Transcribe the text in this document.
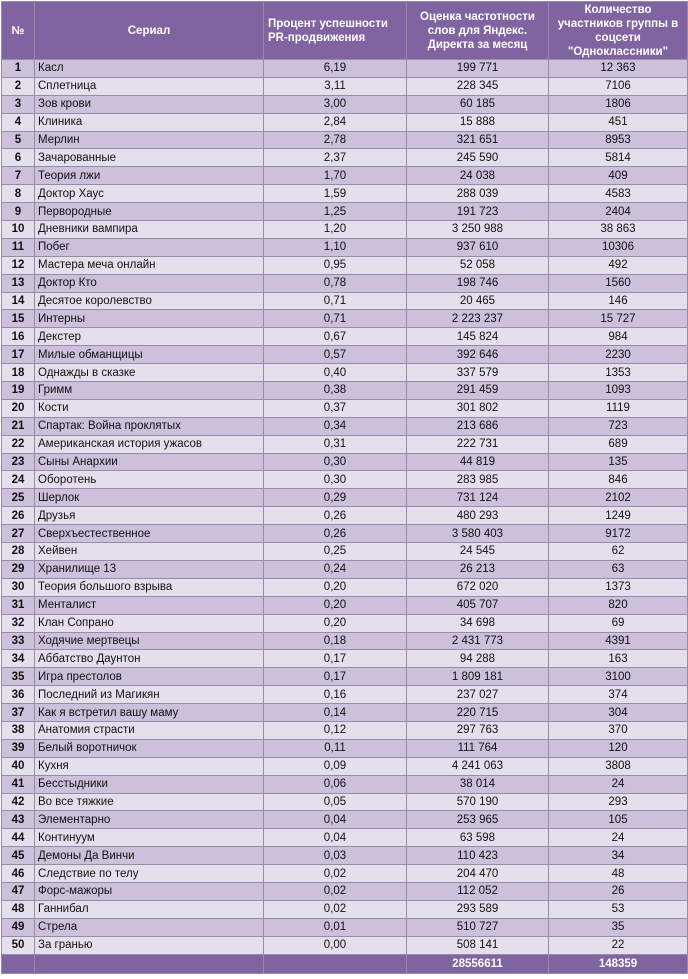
№	Сериал	Процент успешности PR-продвижения	Оценка частотности слов для Яндекс. Директа за месяц	Количество участников группы в соцсети "Одноклассники"
1	Касл	6,19	199 771	12 363
2	Сплетница	3,11	228 345	7106
3	Зов крови	3,00	60 185	1806
4	Клиника	2,84	15 888	451
5	Мерлин	2,78	321 651	8953
6	Зачарованные	2,37	245 590	5814
7	Теория лжи	1,70	24 038	409
8	Доктор Хаус	1,59	288 039	4583
9	Первородные	1,25	191 723	2404
10	Дневники вампира	1,20	3 250 988	38 863
11	Побег	1,10	937 610	10306
12	Мастера меча онлайн	0,95	52 058	492
13	Доктор Кто	0,78	198 746	1560
14	Десятое королевство	0,71	20 465	146
15	Интерны	0,71	2 223 237	15 727
16	Декстер	0,67	145 824	984
17	Милые обманщицы	0,57	392 646	2230
18	Однажды в сказке	0,40	337 579	1353
19	Гримм	0,38	291 459	1093
20	Кости	0,37	301 802	1119
21	Спартак: Война проклятых	0,34	213 686	723
22	Американская история ужасов	0,31	222 731	689
23	Сыны Анархии	0,30	44 819	135
24	Оборотень	0,30	283 985	846
25	Шерлок	0,29	731 124	2102
26	Друзья	0,26	480 293	1249
27	Сверхъестественное	0,26	3 580 403	9172
28	Хейвен	0,25	24 545	62
29	Хранилище 13	0,24	26 213	63
30	Теория большого взрыва	0,20	672 020	1373
31	Менталист	0,20	405 707	820
32	Клан Сопрано	0,20	34 698	69
33	Ходячие мертвецы	0,18	2 431 773	4391
34	Аббатство Даунтон	0,17	94 288	163
35	Игра престолов	0,17	1 809 181	3100
36	Последний из Магикян	0,16	237 027	374
37	Как я встретил вашу маму	0,14	220 715	304
38	Анатомия страсти	0,12	297 763	370
39	Белый воротничок	0,11	111 764	120
40	Кухня	0,09	4 241 063	3808
41	Бесстыдники	0,06	38 014	24
42	Во все тяжкие	0,05	570 190	293
43	Элементарно	0,04	253 965	105
44	Континуум	0,04	63 598	24
45	Демоны Да Винчи	0,03	110 423	34
46	Следствие по телу	0,02	204 470	48
47	Форс-мажоры	0,02	112 052	26
48	Ганнибал	0,02	293 589	53
49	Стрела	0,01	510 727	35
50	За гранью	0,00	508 141	22
			28556611	148359
